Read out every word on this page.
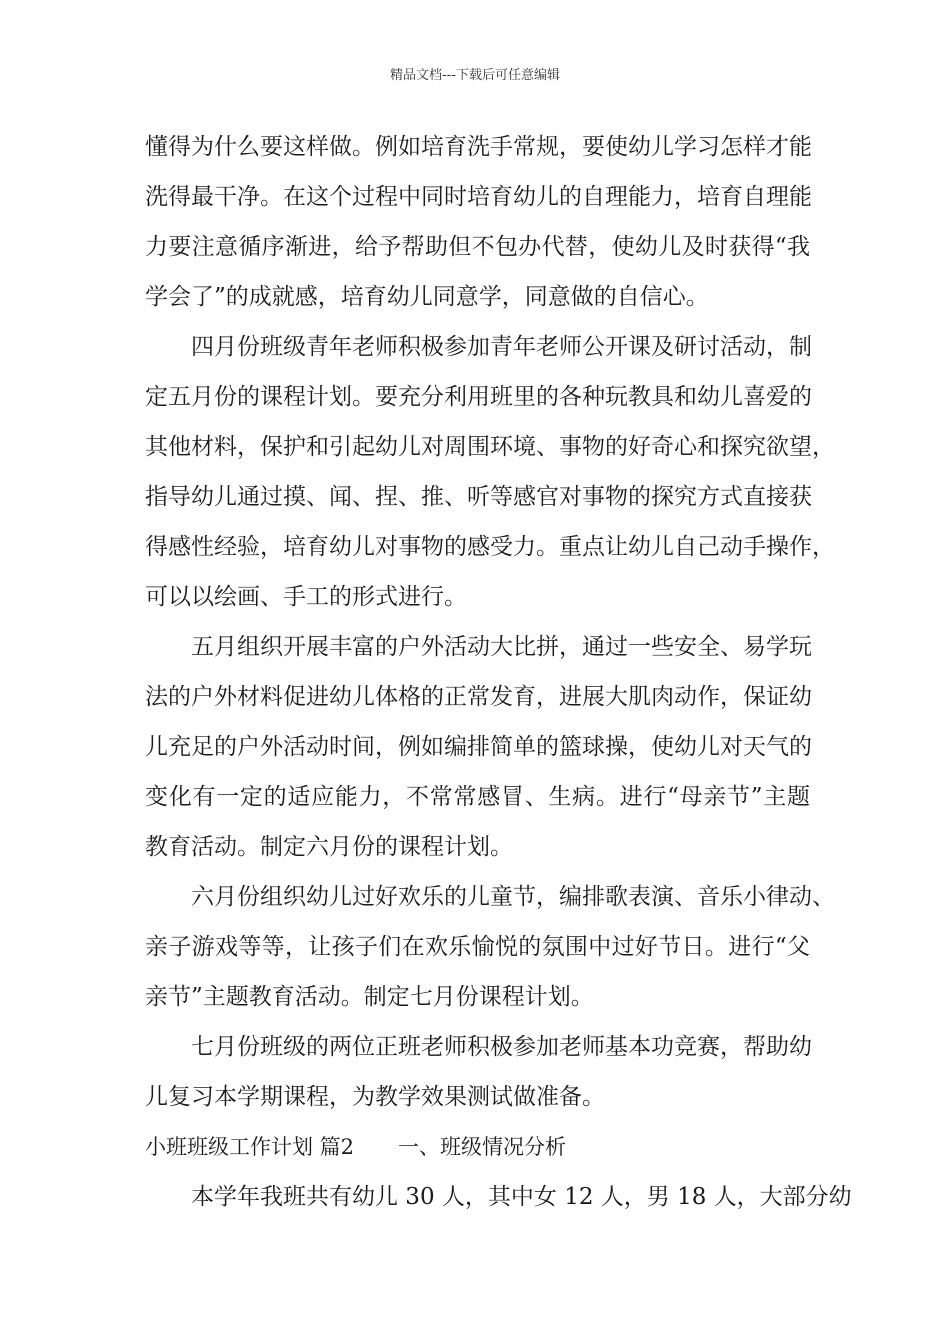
精品文档---下载后可任意编辑
懂得为什么要这样做。例如培育洗手常规，要使幼儿学习怎样才能
洗得最干净。在这个过程中同时培育幼儿的自理能力，培育自理能
力要注意循序渐进，给予帮助但不包办代替，使幼儿及时获得“我
学会了”的成就感，培育幼儿同意学，同意做的自信心。
四月份班级青年老师积极参加青年老师公开课及研讨活动，制
定五月份的课程计划。要充分利用班里的各种玩教具和幼儿喜爱的
其他材料，保护和引起幼儿对周围环境、事物的好奇心和探究欲望，
指导幼儿通过摸、闻、捏、推、听等感官对事物的探究方式直接获
得感性经验，培育幼儿对事物的感受力。重点让幼儿自己动手操作，
可以以绘画、手工的形式进行。
五月组织开展丰富的户外活动大比拼，通过一些安全、易学玩
法的户外材料促进幼儿体格的正常发育，进展大肌肉动作，保证幼
儿充足的户外活动时间，例如编排简单的篮球操，使幼儿对天气的
变化有一定的适应能力，不常常感冒、生病。进行“母亲节”主题
教育活动。制定六月份的课程计划。
六月份组织幼儿过好欢乐的儿童节，编排歌表演、音乐小律动、
亲子游戏等等，让孩子们在欢乐愉悦的氛围中过好节日。进行“父
亲节”主题教育活动。制定七月份课程计划。
七月份班级的两位正班老师积极参加老师基本功竞赛，帮助幼
儿复习本学期课程，为教学效果测试做准备。
小班班级工作计划 篇2 一、班级情况分析
本学年我班共有幼儿 30 人，其中女 12 人，男 18 人，大部分幼
